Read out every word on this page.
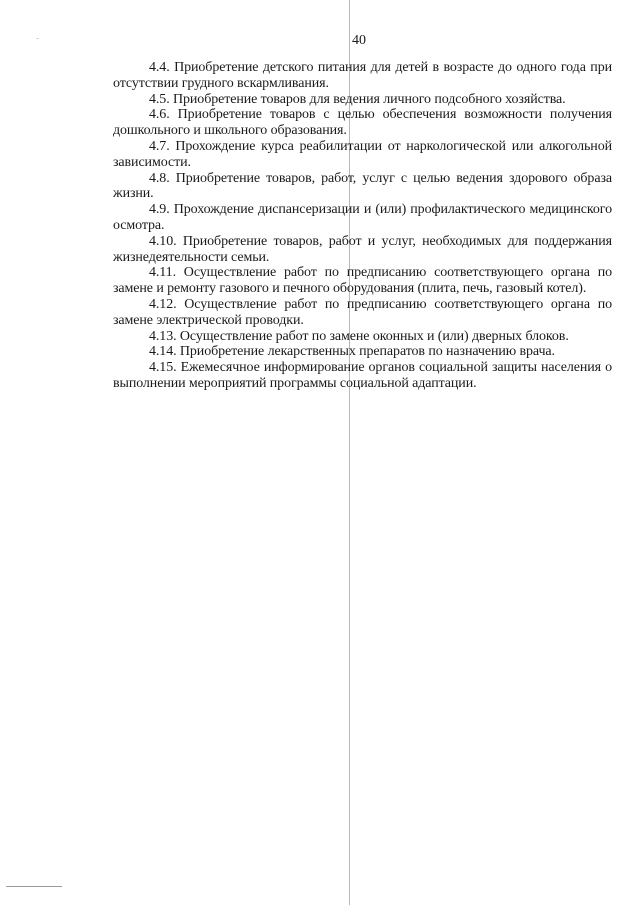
40

4.4. Приобретение детского питания для детей в возрасте до одного года при отсутствии грудного вскармливания.

4.5. Приобретение товаров для ведения личного подсобного хозяйства.

4.6. Приобретение товаров с целью обеспечения возможности получения дошкольного и школьного образования.

4.7. Прохождение курса реабилитации от наркологической или алкогольной зависимости.

4.8. Приобретение товаров, работ, услуг с целью ведения здорового образа жизни.

4.9. Прохождение диспансеризации и (или) профилактического медицинского осмотра.

4.10. Приобретение товаров, работ и услуг, необходимых для поддержания жизнедеятельности семьи.

4.11. Осуществление работ по предписанию соответствующего органа по замене и ремонту газового и печного оборудования (плита, печь, газовый котел).

4.12. Осуществление работ по предписанию соответствующего органа по замене электрической проводки.

4.13. Осуществление работ по замене оконных и (или) дверных блоков.

4.14. Приобретение лекарственных препаратов по назначению врача.

4.15. Ежемесячное информирование органов социальной защиты населения о выполнении мероприятий программы социальной адаптации.
